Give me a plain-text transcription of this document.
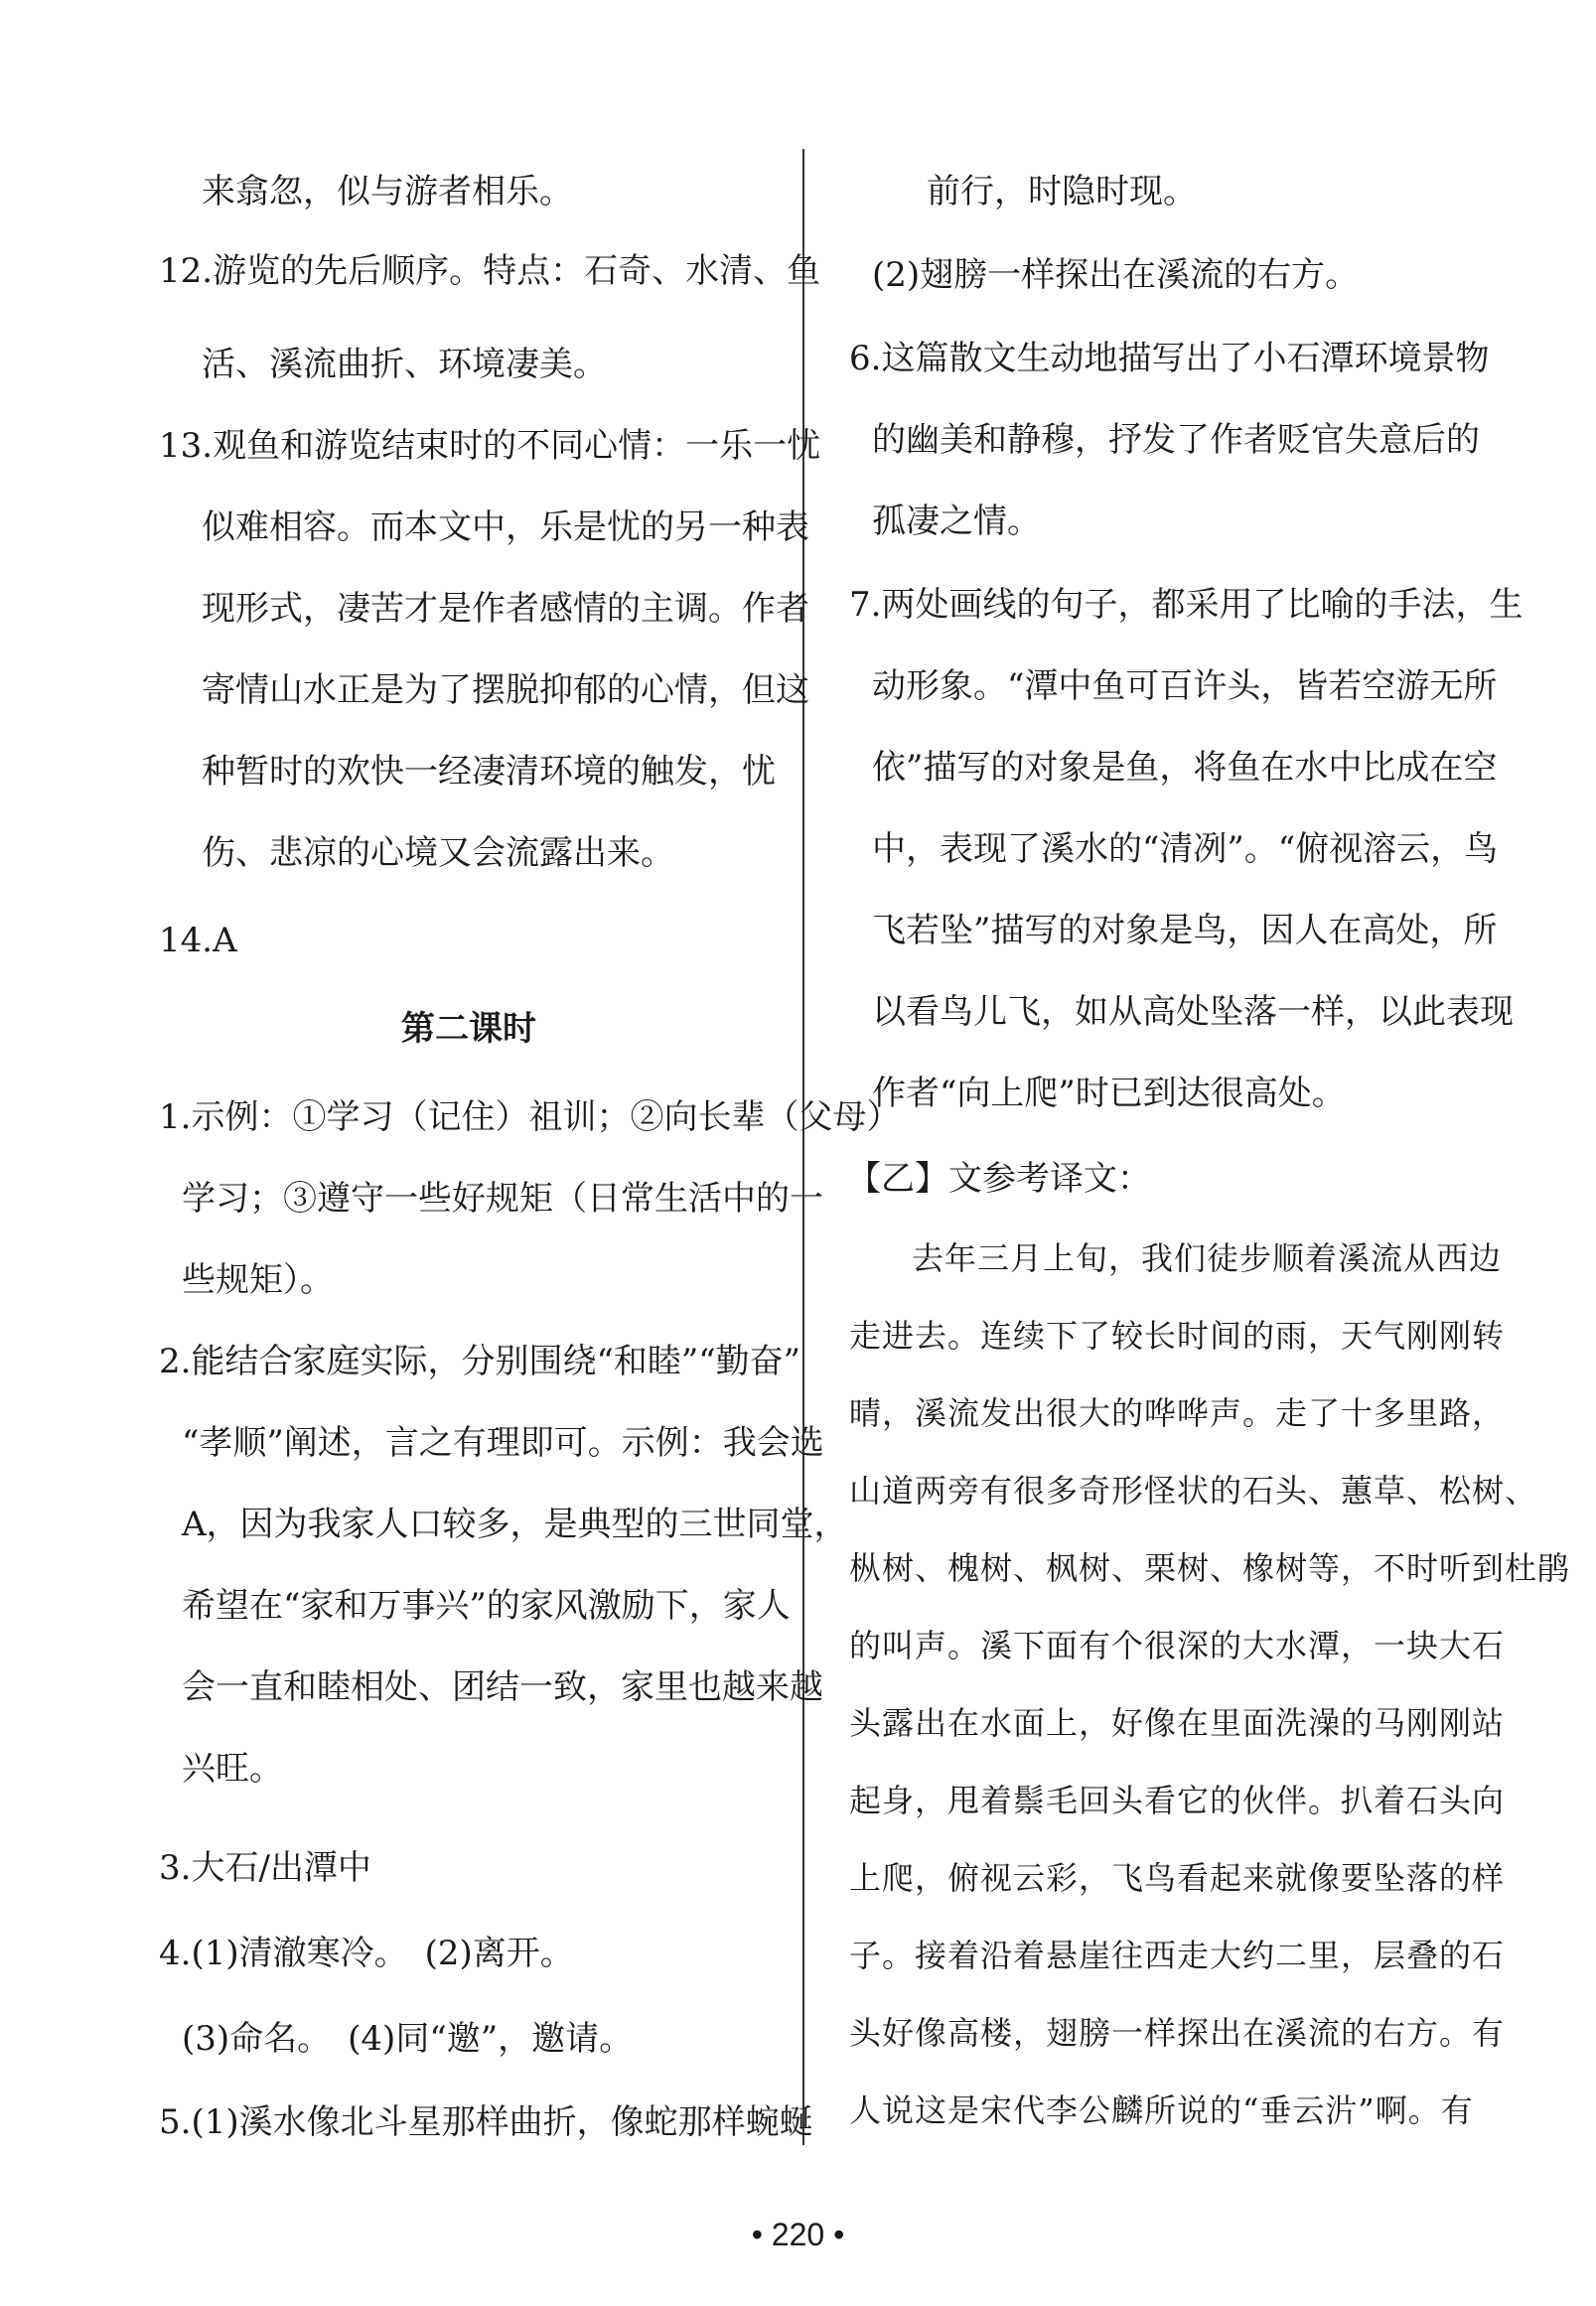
来翕忽，似与游者相乐。
12.游览的先后顺序。特点：石奇、水清、鱼
活、溪流曲折、环境凄美。
13.观鱼和游览结束时的不同心情：一乐一忧
似难相容。而本文中，乐是忧的另一种表
现形式，凄苦才是作者感情的主调。作者
寄情山水正是为了摆脱抑郁的心情，但这
种暂时的欢快一经凄清环境的触发，忧
伤、悲凉的心境又会流露出来。
14.A
第二课时
1.示例：①学习（记住）祖训；②向长辈（父母）
学习；③遵守一些好规矩（日常生活中的一
些规矩）。
2.能结合家庭实际，分别围绕“和睦”“勤奋”
“孝顺”阐述，言之有理即可。示例：我会选
A，因为我家人口较多，是典型的三世同堂，
希望在“家和万事兴”的家风激励下，家人
会一直和睦相处、团结一致，家里也越来越
兴旺。
3.大石/出潭中
4.(1)清澈寒冷。　(2)离开。
(3)命名。　(4)同“邀”，邀请。
5.(1)溪水像北斗星那样曲折，像蛇那样蜿蜒
前行，时隐时现。
(2)翅膀一样探出在溪流的右方。
6.这篇散文生动地描写出了小石潭环境景物
的幽美和静穆，抒发了作者贬官失意后的
孤凄之情。
7.两处画线的句子，都采用了比喻的手法，生
动形象。“潭中鱼可百许头，皆若空游无所
依”描写的对象是鱼，将鱼在水中比成在空
中，表现了溪水的“清冽”。“俯视溶云，鸟
飞若坠”描写的对象是鸟，因人在高处，所
以看鸟儿飞，如从高处坠落一样，以此表现
作者“向上爬”时已到达很高处。
【乙】文参考译文：
去年三月上旬，我们徒步顺着溪流从西边
走进去。连续下了较长时间的雨，天气刚刚转
晴，溪流发出很大的哗哗声。走了十多里路，
山道两旁有很多奇形怪状的石头、蕙草、松树、
枞树、槐树、枫树、栗树、橡树等，不时听到杜鹃
的叫声。溪下面有个很深的大水潭，一块大石
头露出在水面上，好像在里面洗澡的马刚刚站
起身，甩着鬃毛回头看它的伙伴。扒着石头向
上爬，俯视云彩，飞鸟看起来就像要坠落的样
子。接着沿着悬崖往西走大约二里，层叠的石
头好像高楼，翅膀一样探出在溪流的右方。有
人说这是宋代李公麟所说的“垂云沜”啊。有
• 220 •
